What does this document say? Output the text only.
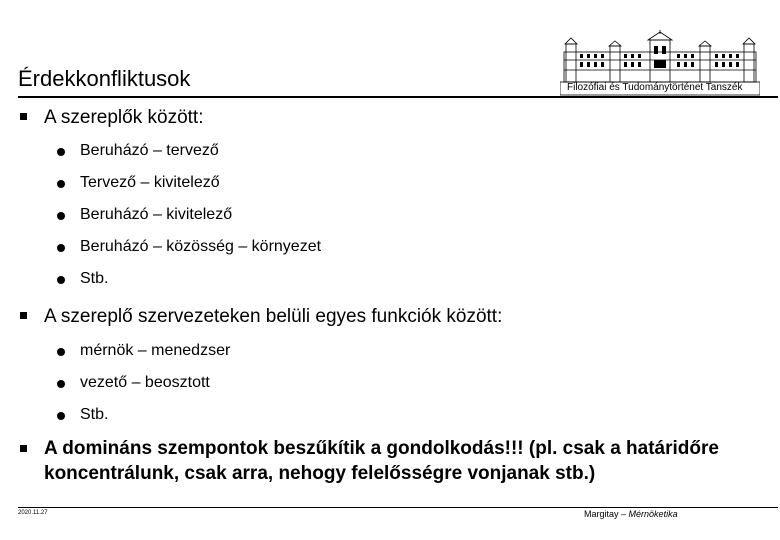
Érdekkonfliktusok	Filozófiai és Tudománytörténet Tanszék
A szereplők között:
Beruházó – tervező
Tervező – kivitelező
Beruházó – kivitelező
Beruházó – közösség – környezet
Stb.
A szereplő szervezeteken belüli egyes funkciók között:
mérnök – menedzser
vezető – beosztott
Stb.
A domináns szempontok beszűkítik a gondolkodás!!! (pl. csak a határidőre koncentrálunk, csak arra, nehogy felelősségre vonjanak stb.)
2020.11.27	Margitay – Mérnöketika
